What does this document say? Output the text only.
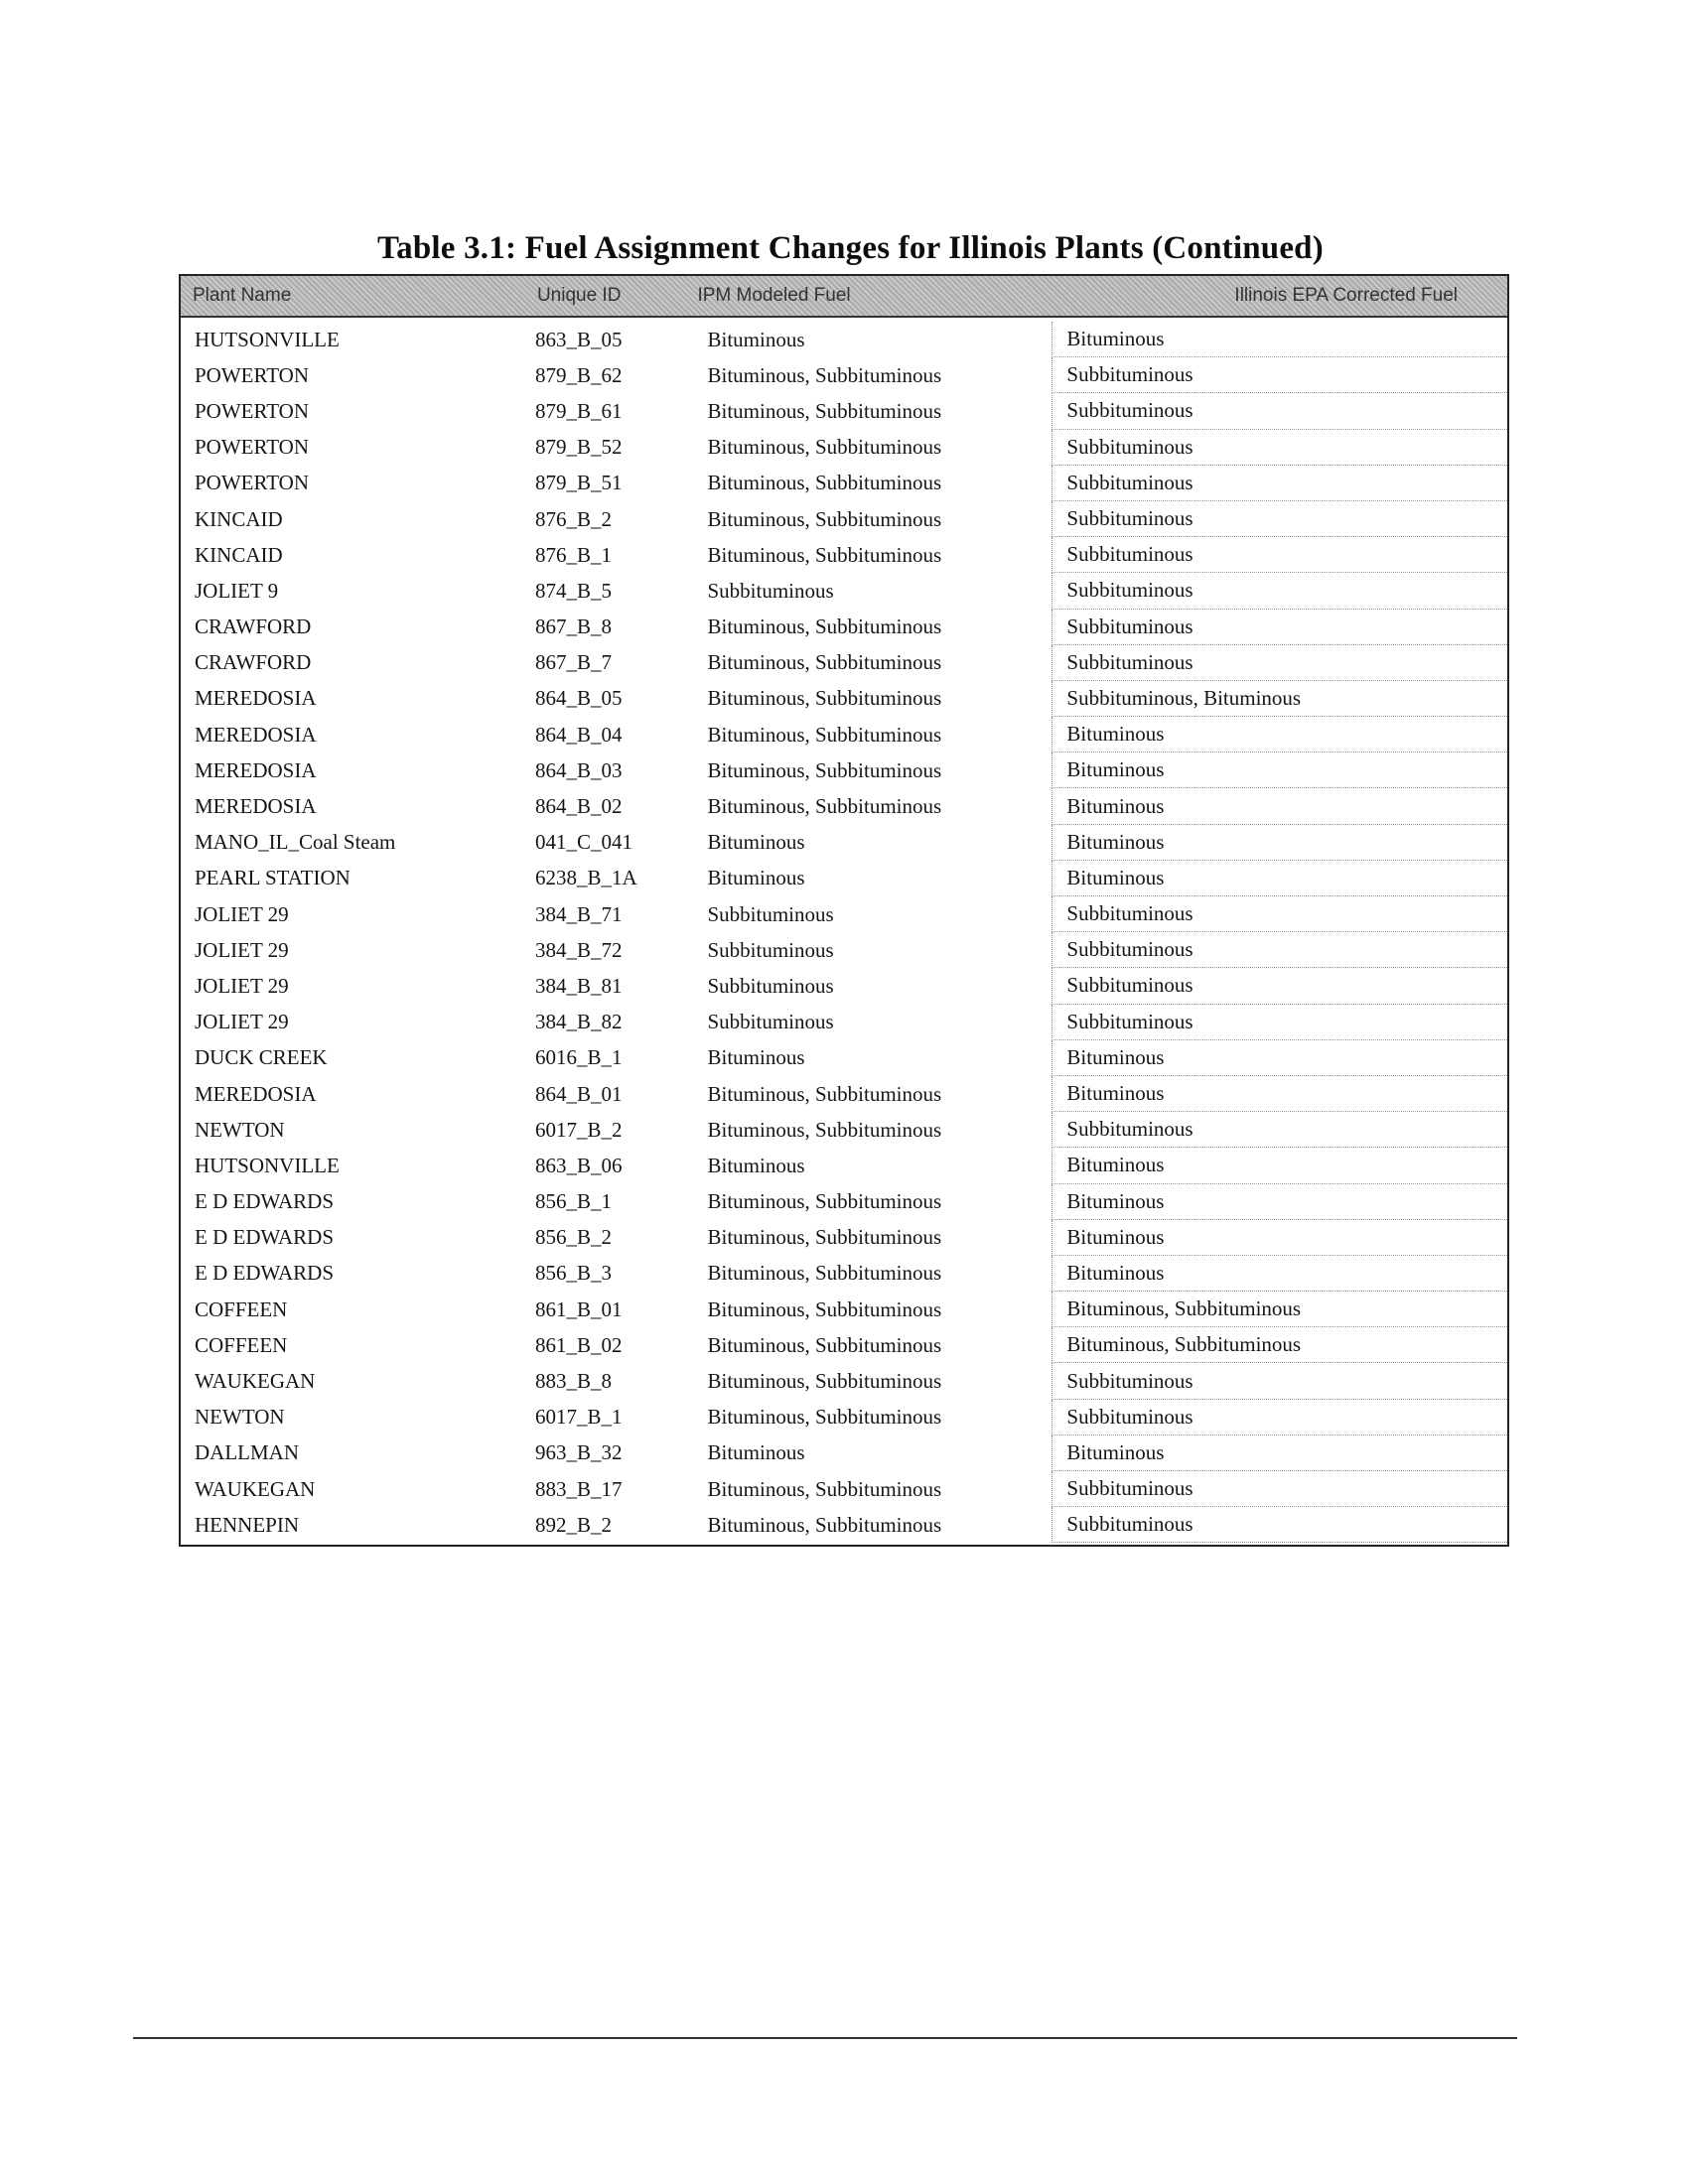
Table 3.1: Fuel Assignment Changes for Illinois Plants (Continued)
Plant Name	Unique ID	IPM Modeled Fuel	Illinois EPA Corrected Fuel
HUTSONVILLE	863_B_05	Bituminous	Bituminous
POWERTON	879_B_62	Bituminous, Subbituminous	Subbituminous
POWERTON	879_B_61	Bituminous, Subbituminous	Subbituminous
POWERTON	879_B_52	Bituminous, Subbituminous	Subbituminous
POWERTON	879_B_51	Bituminous, Subbituminous	Subbituminous
KINCAID	876_B_2	Bituminous, Subbituminous	Subbituminous
KINCAID	876_B_1	Bituminous, Subbituminous	Subbituminous
JOLIET 9	874_B_5	Subbituminous	Subbituminous
CRAWFORD	867_B_8	Bituminous, Subbituminous	Subbituminous
CRAWFORD	867_B_7	Bituminous, Subbituminous	Subbituminous
MEREDOSIA	864_B_05	Bituminous, Subbituminous	Subbituminous, Bituminous
MEREDOSIA	864_B_04	Bituminous, Subbituminous	Bituminous
MEREDOSIA	864_B_03	Bituminous, Subbituminous	Bituminous
MEREDOSIA	864_B_02	Bituminous, Subbituminous	Bituminous
MANO_IL_Coal Steam	041_C_041	Bituminous	Bituminous
PEARL STATION	6238_B_1A	Bituminous	Bituminous
JOLIET 29	384_B_71	Subbituminous	Subbituminous
JOLIET 29	384_B_72	Subbituminous	Subbituminous
JOLIET 29	384_B_81	Subbituminous	Subbituminous
JOLIET 29	384_B_82	Subbituminous	Subbituminous
DUCK CREEK	6016_B_1	Bituminous	Bituminous
MEREDOSIA	864_B_01	Bituminous, Subbituminous	Bituminous
NEWTON	6017_B_2	Bituminous, Subbituminous	Subbituminous
HUTSONVILLE	863_B_06	Bituminous	Bituminous
E D EDWARDS	856_B_1	Bituminous, Subbituminous	Bituminous
E D EDWARDS	856_B_2	Bituminous, Subbituminous	Bituminous
E D EDWARDS	856_B_3	Bituminous, Subbituminous	Bituminous
COFFEEN	861_B_01	Bituminous, Subbituminous	Bituminous, Subbituminous
COFFEEN	861_B_02	Bituminous, Subbituminous	Bituminous, Subbituminous
WAUKEGAN	883_B_8	Bituminous, Subbituminous	Subbituminous
NEWTON	6017_B_1	Bituminous, Subbituminous	Subbituminous
DALLMAN	963_B_32	Bituminous	Bituminous
WAUKEGAN	883_B_17	Bituminous, Subbituminous	Subbituminous
HENNEPIN	892_B_2	Bituminous, Subbituminous	Subbituminous
